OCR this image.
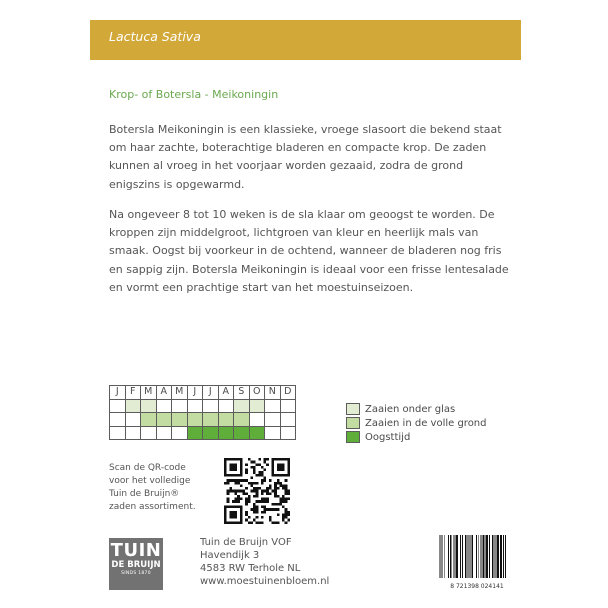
Lactuca Sativa
Krop- of Botersla - Meikoningin

Botersla Meikoningin is een klassieke, vroege slasoort die bekend staat om haar zachte, boterachtige bladeren en compacte krop. De zaden kunnen al vroeg in het voorjaar worden gezaaid, zodra de grond enigszins is opgewarmd.

Na ongeveer 8 tot 10 weken is de sla klaar om geoogst te worden. De kroppen zijn middelgroot, lichtgroen van kleur en heerlijk mals van smaak. Oogst bij voorkeur in de ochtend, wanneer de bladeren nog fris en sappig zijn. Botersla Meikoningin is ideaal voor een frisse lentesalade en vormt een prachtige start van het moestuinseizoen.

J	F	M	A	M	J	J	A	S	O	N	D

Zaaien onder glas
Zaaien in de volle grond
Oogsttijd
Scan de QR-code
voor het volledige
Tuin de Bruijn®
zaden assortiment.
TUIN
DE BRUIJN
SINDS 1870
Tuin de Bruijn VOF
Havendijk 3
4583 RW Terhole NL
www.moestuinenbloem.nl	8 721398 024141
